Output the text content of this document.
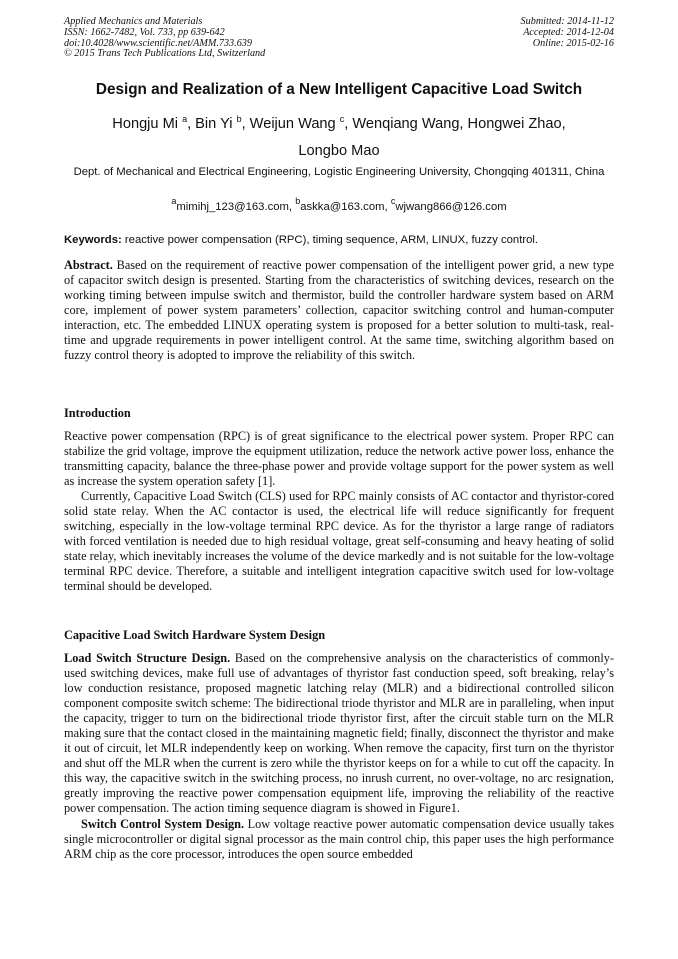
Applied Mechanics and Materials
ISSN: 1662-7482, Vol. 733, pp 639-642
doi:10.4028/www.scientific.net/AMM.733.639
© 2015 Trans Tech Publications Ltd, Switzerland
Submitted: 2014-11-12
Accepted: 2014-12-04
Online: 2015-02-16
Design and Realization of a New Intelligent Capacitive Load Switch
Hongju Mi $^a$, Bin Yi $^b$, Weijun Wang $^c$, Wenqiang Wang, Hongwei Zhao,
Longbo Mao
Dept. of Mechanical and Electrical Engineering, Logistic Engineering University, Chongqing 401311, China
$^a$mimihj_123@163.com, $^b$askka@163.com, $^c$wjwang866@126.com
Keywords: reactive power compensation (RPC), timing sequence, ARM, LINUX, fuzzy control.

Abstract. Based on the requirement of reactive power compensation of the intelligent power grid, a new type of capacitor switch design is presented. Starting from the characteristics of switching devices, research on the working timing between impulse switch and thermistor, build the controller hardware system based on ARM core, implement of power system parameters’ collection, capacitor switching control and human-computer interaction, etc. The embedded LINUX operating system is proposed for a better solution to multi-task, real-time and upgrade requirements in power intelligent control. At the same time, switching algorithm based on fuzzy control theory is adopted to improve the reliability of this switch.

Introduction

Reactive power compensation (RPC) is of great significance to the electrical power system. Proper RPC can stabilize the grid voltage, improve the equipment utilization, reduce the network active power loss, enhance the transmitting capacity, balance the three-phase power and provide voltage support for the power system as well as increase the system operation safety [1].

Currently, Capacitive Load Switch (CLS) used for RPC mainly consists of AC contactor and thyristor-cored solid state relay. When the AC contactor is used, the electrical life will reduce significantly for frequent switching, especially in the low-voltage terminal RPC device. As for the thyristor a large range of radiators with forced ventilation is needed due to high residual voltage, great self-consuming and heavy heating of solid state relay, which inevitably increases the volume of the device markedly and is not suitable for the low-voltage terminal RPC device. Therefore, a suitable and intelligent integration capacitive switch used for low-voltage terminal should be developed.

Capacitive Load Switch Hardware System Design

Load Switch Structure Design. Based on the comprehensive analysis on the characteristics of commonly-used switching devices, make full use of advantages of thyristor fast conduction speed, soft breaking, relay’s low conduction resistance, proposed magnetic latching relay (MLR) and a bidirectional controlled silicon component composite switch scheme: The bidirectional triode thyristor and MLR are in paralleling, when input the capacity, trigger to turn on the bidirectional triode thyristor first, after the circuit stable turn on the MLR making sure that the contact closed in the maintaining magnetic field; finally, disconnect the thyristor and make it out of circuit, let MLR independently keep on working. When remove the capacity, first turn on the thyristor and shut off the MLR when the current is zero while the thyristor keeps on for a while to cut off the capacity. In this way, the capacitive switch in the switching process, no inrush current, no over-voltage, no arc resignation, greatly improving the reactive power compensation equipment life, improving the reliability of the reactive power compensation. The action timing sequence diagram is showed in Figure1.

Switch Control System Design. Low voltage reactive power automatic compensation device usually takes single microcontroller or digital signal processor as the main control chip, this paper uses the high performance ARM chip as the core processor, introduces the open source embedded
